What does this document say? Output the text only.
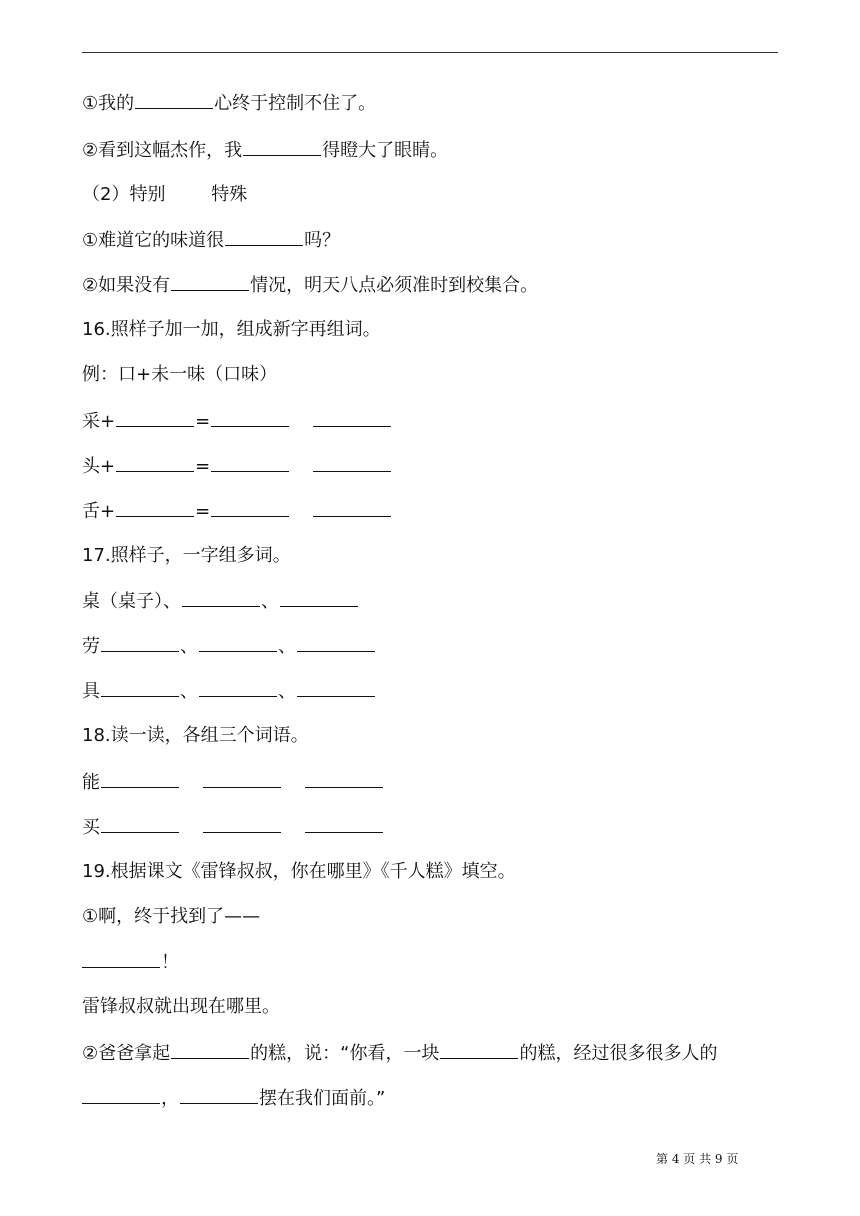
①我的	心终于控制不住了。
②看到这幅杰作，我	得瞪大了眼睛。
（2）特别        特殊
①难道它的味道很	吗？
②如果没有	情况，明天八点必须准时到校集合。
16.照样子加一加，组成新字再组词。
例：口+未一味（口味）
采+	=
头+	=
舌+	=
17.照样子，一字组多词。
桌（桌子）、	、
劳	、	、
具	、	、
18.读一读，各组三个词语。
能
买
19.根据课文《雷锋叔叔，你在哪里》《千人糕》填空。
①啊，终于找到了——
！
雷锋叔叔就出现在哪里。
②爸爸拿起	的糕，说：“你看，一块	的糕，经过很多很多人的
，	摆在我们面前。”
第 4 页 共 9 页
